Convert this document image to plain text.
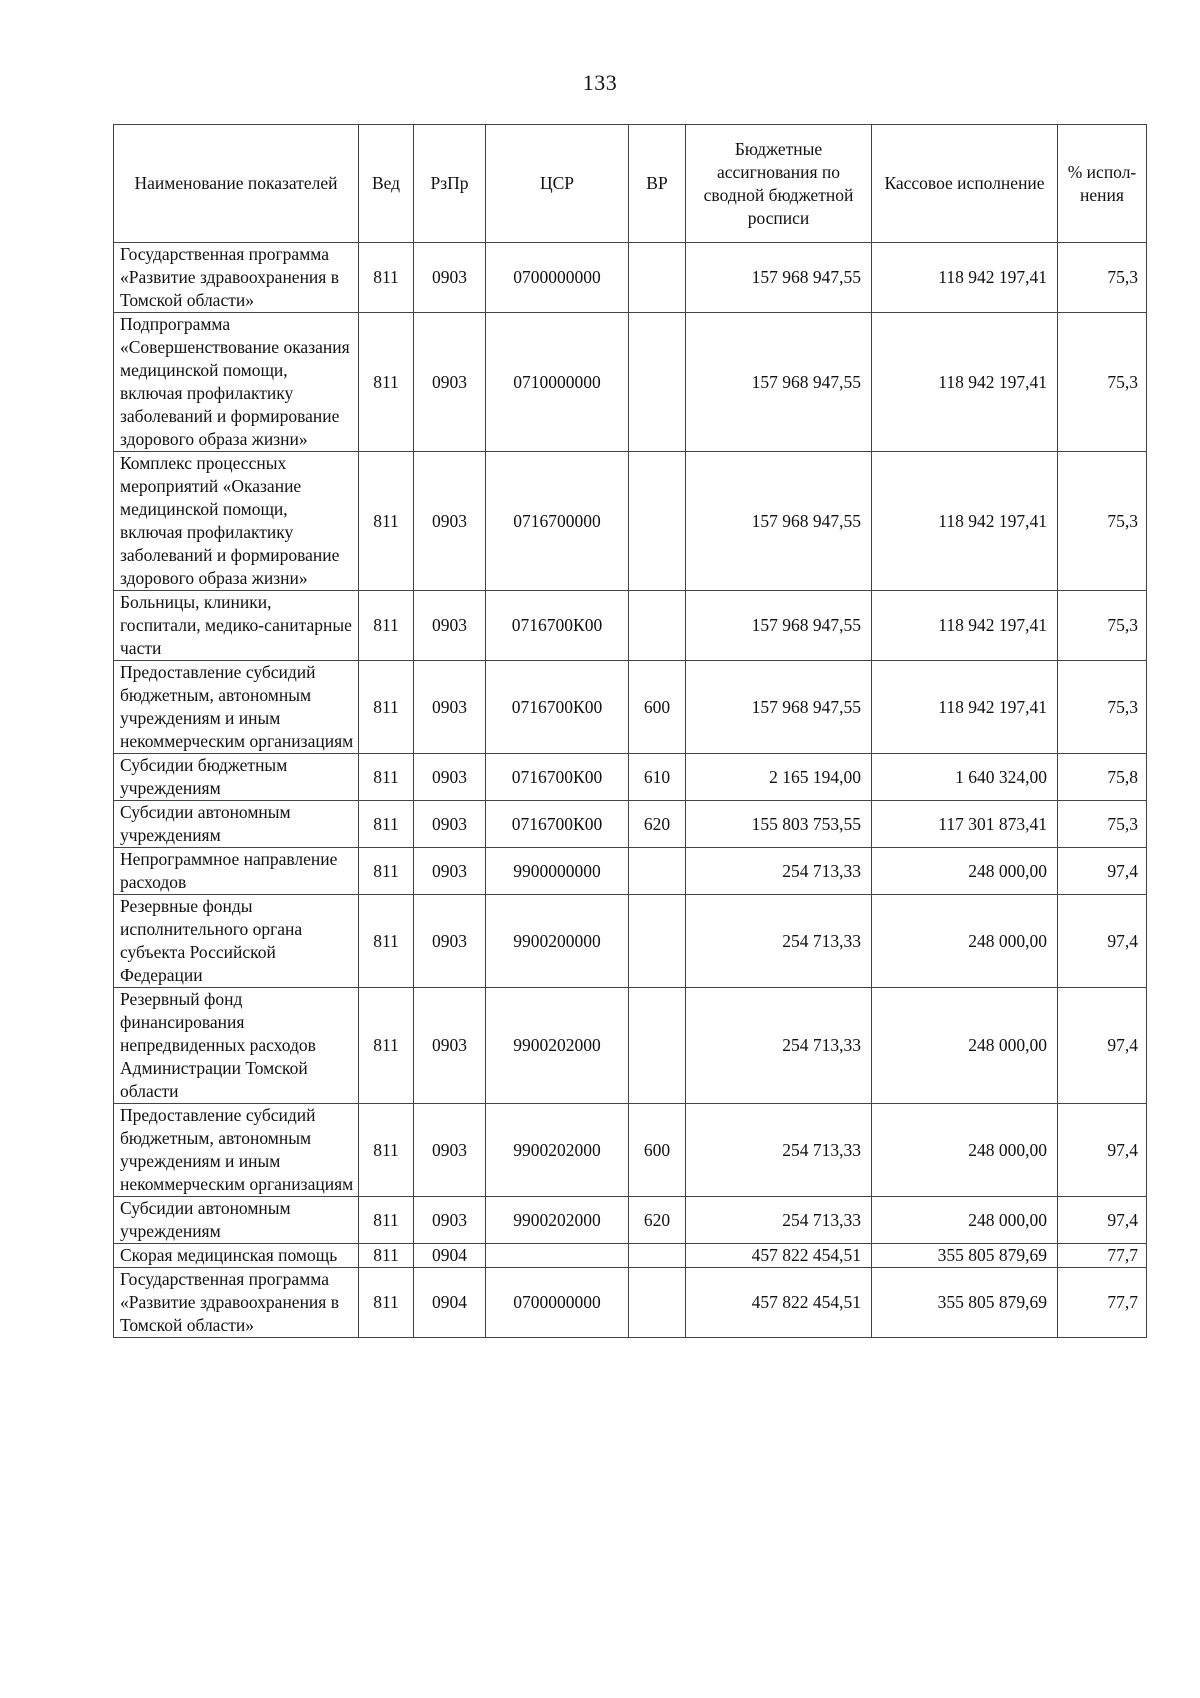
133
Наименование показателей	Вед	РзПр	ЦСР	ВР	Бюджетные ассигнования по сводной бюджетной росписи	Кассовое исполнение	% испол- нения
Государственная программа «Развитие здравоохранения в Томской области»	811	0903	0700000000		157 968 947,55	118 942 197,41	75,3
Подпрограмма «Совершенствование оказания медицинской помощи, включая профилактику заболеваний и формирование здорового образа жизни»	811	0903	0710000000		157 968 947,55	118 942 197,41	75,3
Комплекс процессных мероприятий «Оказание медицинской помощи, включая профилактику заболеваний и формирование здорового образа жизни»	811	0903	0716700000		157 968 947,55	118 942 197,41	75,3
Больницы, клиники, госпитали, медико-санитарные части	811	0903	0716700К00		157 968 947,55	118 942 197,41	75,3
Предоставление субсидий бюджетным, автономным учреждениям и иным некоммерческим организациям	811	0903	0716700К00	600	157 968 947,55	118 942 197,41	75,3
Субсидии бюджетным учреждениям	811	0903	0716700К00	610	2 165 194,00	1 640 324,00	75,8
Субсидии автономным учреждениям	811	0903	0716700К00	620	155 803 753,55	117 301 873,41	75,3
Непрограммное направление расходов	811	0903	9900000000		254 713,33	248 000,00	97,4
Резервные фонды исполнительного органа субъекта Российской Федерации	811	0903	9900200000		254 713,33	248 000,00	97,4
Резервный фонд финансирования непредвиденных расходов Администрации Томской области	811	0903	9900202000		254 713,33	248 000,00	97,4
Предоставление субсидий бюджетным, автономным учреждениям и иным некоммерческим организациям	811	0903	9900202000	600	254 713,33	248 000,00	97,4
Субсидии автономным учреждениям	811	0903	9900202000	620	254 713,33	248 000,00	97,4
Скорая медицинская помощь	811	0904			457 822 454,51	355 805 879,69	77,7
Государственная программа «Развитие здравоохранения в Томской области»	811	0904	0700000000		457 822 454,51	355 805 879,69	77,7
